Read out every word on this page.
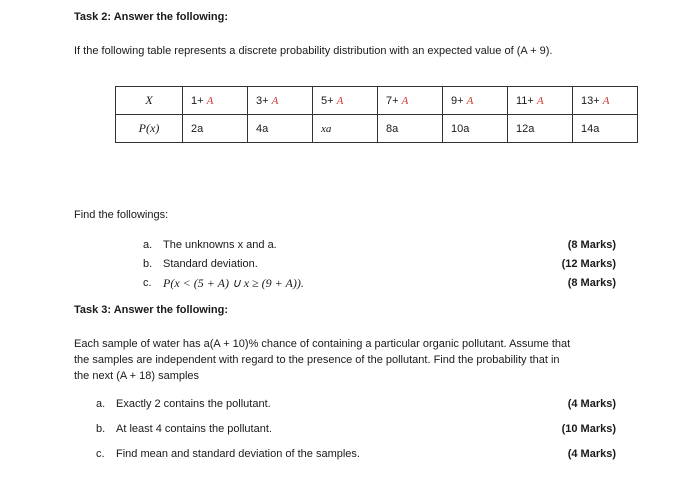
Task 2: Answer the following:
If the following table represents a discrete probability distribution with an expected value of (A + 9).
X	1+ A	3+ A	5+ A	7+ A	9+ A	11+ A	13+ A
P(x)	2a	4a	xa	8a	10a	12a	14a
Find the followings:
a. The unknowns x and a.	(8 Marks)
b. Standard deviation.	(12 Marks)
c. P(x < (5 + A) ∪ x ≥ (9 + A)).	(8 Marks)
Task 3: Answer the following:
Each sample of water has a(A + 10)% chance of containing a particular organic pollutant. Assume that
the samples are independent with regard to the presence of the pollutant. Find the probability that in
the next (A + 18) samples
a. Exactly 2 contains the pollutant.	(4 Marks)
b. At least 4 contains the pollutant.	(10 Marks)
c. Find mean and standard deviation of the samples.	(4 Marks)
